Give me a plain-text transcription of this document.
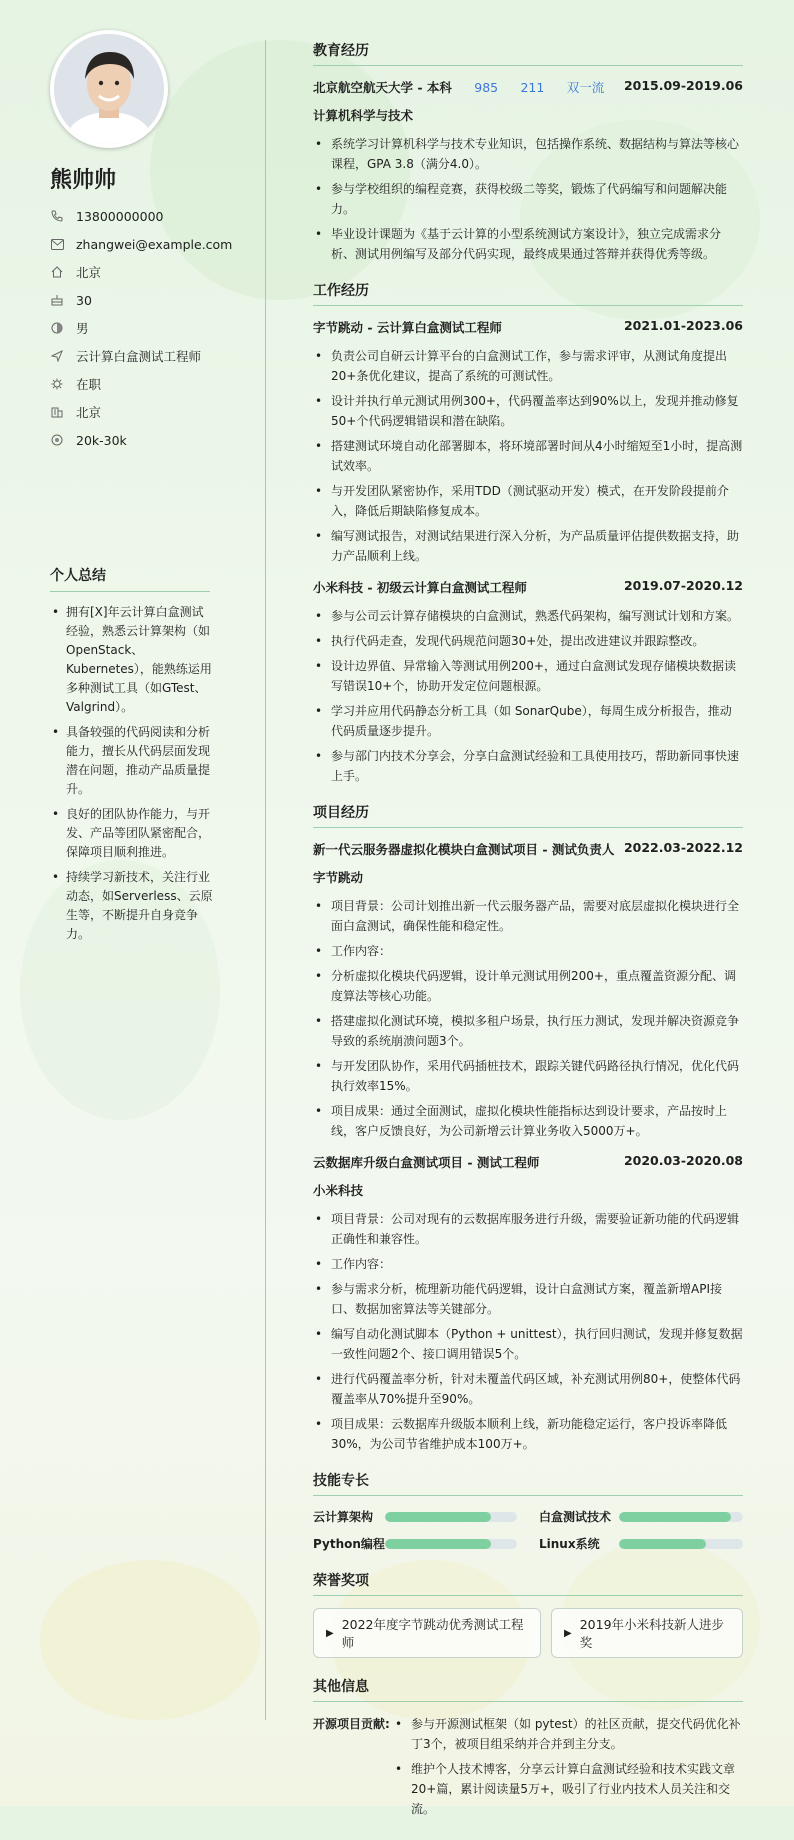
熊帅帅
13800000000
zhangwei@example.com
北京
30
男
云计算白盒测试工程师
在职
北京
20k-30k
个人总结
• 拥有[X]年云计算白盒测试经验，熟悉云计算架构（如OpenStack、Kubernetes），能熟练运用多种测试工具（如GTest、Valgrind）。
• 具备较强的代码阅读和分析能力，擅长从代码层面发现潜在问题，推动产品质量提升。
• 良好的团队协作能力，与开发、产品等团队紧密配合，保障项目顺利推进。
• 持续学习新技术，关注行业动态，如Serverless、云原生等，不断提升自身竞争力。
教育经历
北京航空航天大学 - 本科 985 211 双一流 2015.09-2019.06
计算机科学与技术
• 系统学习计算机科学与技术专业知识，包括操作系统、数据结构与算法等核心课程，GPA 3.8（满分4.0）。
• 参与学校组织的编程竞赛，获得校级二等奖，锻炼了代码编写和问题解决能力。
• 毕业设计课题为《基于云计算的小型系统测试方案设计》，独立完成需求分析、测试用例编写及部分代码实现，最终成果通过答辩并获得优秀等级。
工作经历
字节跳动 - 云计算白盒测试工程师	2021.01-2023.06
• 负责公司自研云计算平台的白盒测试工作，参与需求评审，从测试角度提出20+条优化建议，提高了系统的可测试性。
• 设计并执行单元测试用例300+，代码覆盖率达到90%以上，发现并推动修复50+个代码逻辑错误和潜在缺陷。
• 搭建测试环境自动化部署脚本，将环境部署时间从4小时缩短至1小时，提高测试效率。
• 与开发团队紧密协作，采用TDD（测试驱动开发）模式，在开发阶段提前介入，降低后期缺陷修复成本。
• 编写测试报告，对测试结果进行深入分析，为产品质量评估提供数据支持，助力产品顺利上线。
小米科技 - 初级云计算白盒测试工程师	2019.07-2020.12
• 参与公司云计算存储模块的白盒测试，熟悉代码架构，编写测试计划和方案。
• 执行代码走查，发现代码规范问题30+处，提出改进建议并跟踪整改。
• 设计边界值、异常输入等测试用例200+，通过白盒测试发现存储模块数据读写错误10+个，协助开发定位问题根源。
• 学习并应用代码静态分析工具（如 SonarQube），每周生成分析报告，推动代码质量逐步提升。
• 参与部门内技术分享会，分享白盒测试经验和工具使用技巧，帮助新同事快速上手。
项目经历
新一代云服务器虚拟化模块白盒测试项目 - 测试负责人 2022.03-2022.12
字节跳动
• 项目背景：公司计划推出新一代云服务器产品，需要对底层虚拟化模块进行全面白盒测试，确保性能和稳定性。
• 工作内容：
• 分析虚拟化模块代码逻辑，设计单元测试用例200+，重点覆盖资源分配、调度算法等核心功能。
• 搭建虚拟化测试环境，模拟多租户场景，执行压力测试，发现并解决资源竞争导致的系统崩溃问题3个。
• 与开发团队协作，采用代码插桩技术，跟踪关键代码路径执行情况，优化代码执行效率15%。
• 项目成果：通过全面测试，虚拟化模块性能指标达到设计要求，产品按时上线，客户反馈良好，为公司新增云计算业务收入5000万+。
云数据库升级白盒测试项目 - 测试工程师	2020.03-2020.08
小米科技
• 项目背景：公司对现有的云数据库服务进行升级，需要验证新功能的代码逻辑正确性和兼容性。
• 工作内容：
• 参与需求分析，梳理新功能代码逻辑，设计白盒测试方案，覆盖新增API接口、数据加密算法等关键部分。
• 编写自动化测试脚本（Python + unittest），执行回归测试，发现并修复数据一致性问题2个、接口调用错误5个。
• 进行代码覆盖率分析，针对未覆盖代码区域，补充测试用例80+，使整体代码覆盖率从70%提升至90%。
• 项目成果：云数据库升级版本顺利上线，新功能稳定运行，客户投诉率降低30%，为公司节省维护成本100万+。
技能专长
云计算架构	白盒测试技术
Python编程	Linux系统
荣誉奖项
▶
2022年度字节跳动优秀测试工程师
▶
2019年小米科技新人进步奖
其他信息
开源项目贡献:
•	参与开源测试框架（如 pytest）的社区贡献，提交代码优化补丁3个，被项目组采纳并合并到主分支。
• 维护个人技术博客，分享云计算白盒测试经验和技术实践文章20+篇，累计阅读量5万+，吸引了行业内技术人员关注和交流。
